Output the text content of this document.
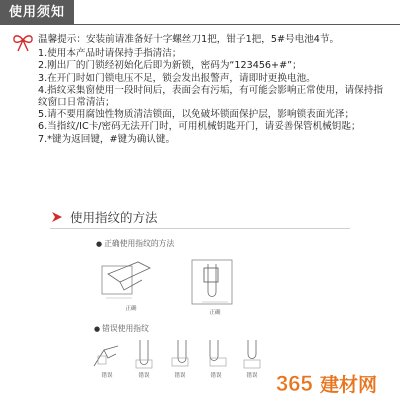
使用须知

温馨提示：安装前请准备好十字螺丝刀1把，钳子1把，5#号电池4节。

1.使用本产品时请保持手指清洁；

2.刚出厂的门锁经初始化后即为新锁，密码为“123456+#”；

3.在开门时如门锁电压不足，锁会发出报警声，请即时更换电池。

4.指纹采集窗使用一段时间后，表面会有污垢，有可能会影响正常使用，请保持指纹窗口日常清洁；

5.请不要用腐蚀性物质清洁锁面，以免破坏锁面保护层，影响锁表面光泽；

6.当指纹/IC卡/密码无法开门时，可用机械钥匙开门，请妥善保管机械钥匙；

7.*键为返回键，#键为确认键。

使用指纹的方法
● 正确使用指纹的方法
正确
正确
● 错误使用指纹
错误	错误	错误	错误	错误 365 建材网
